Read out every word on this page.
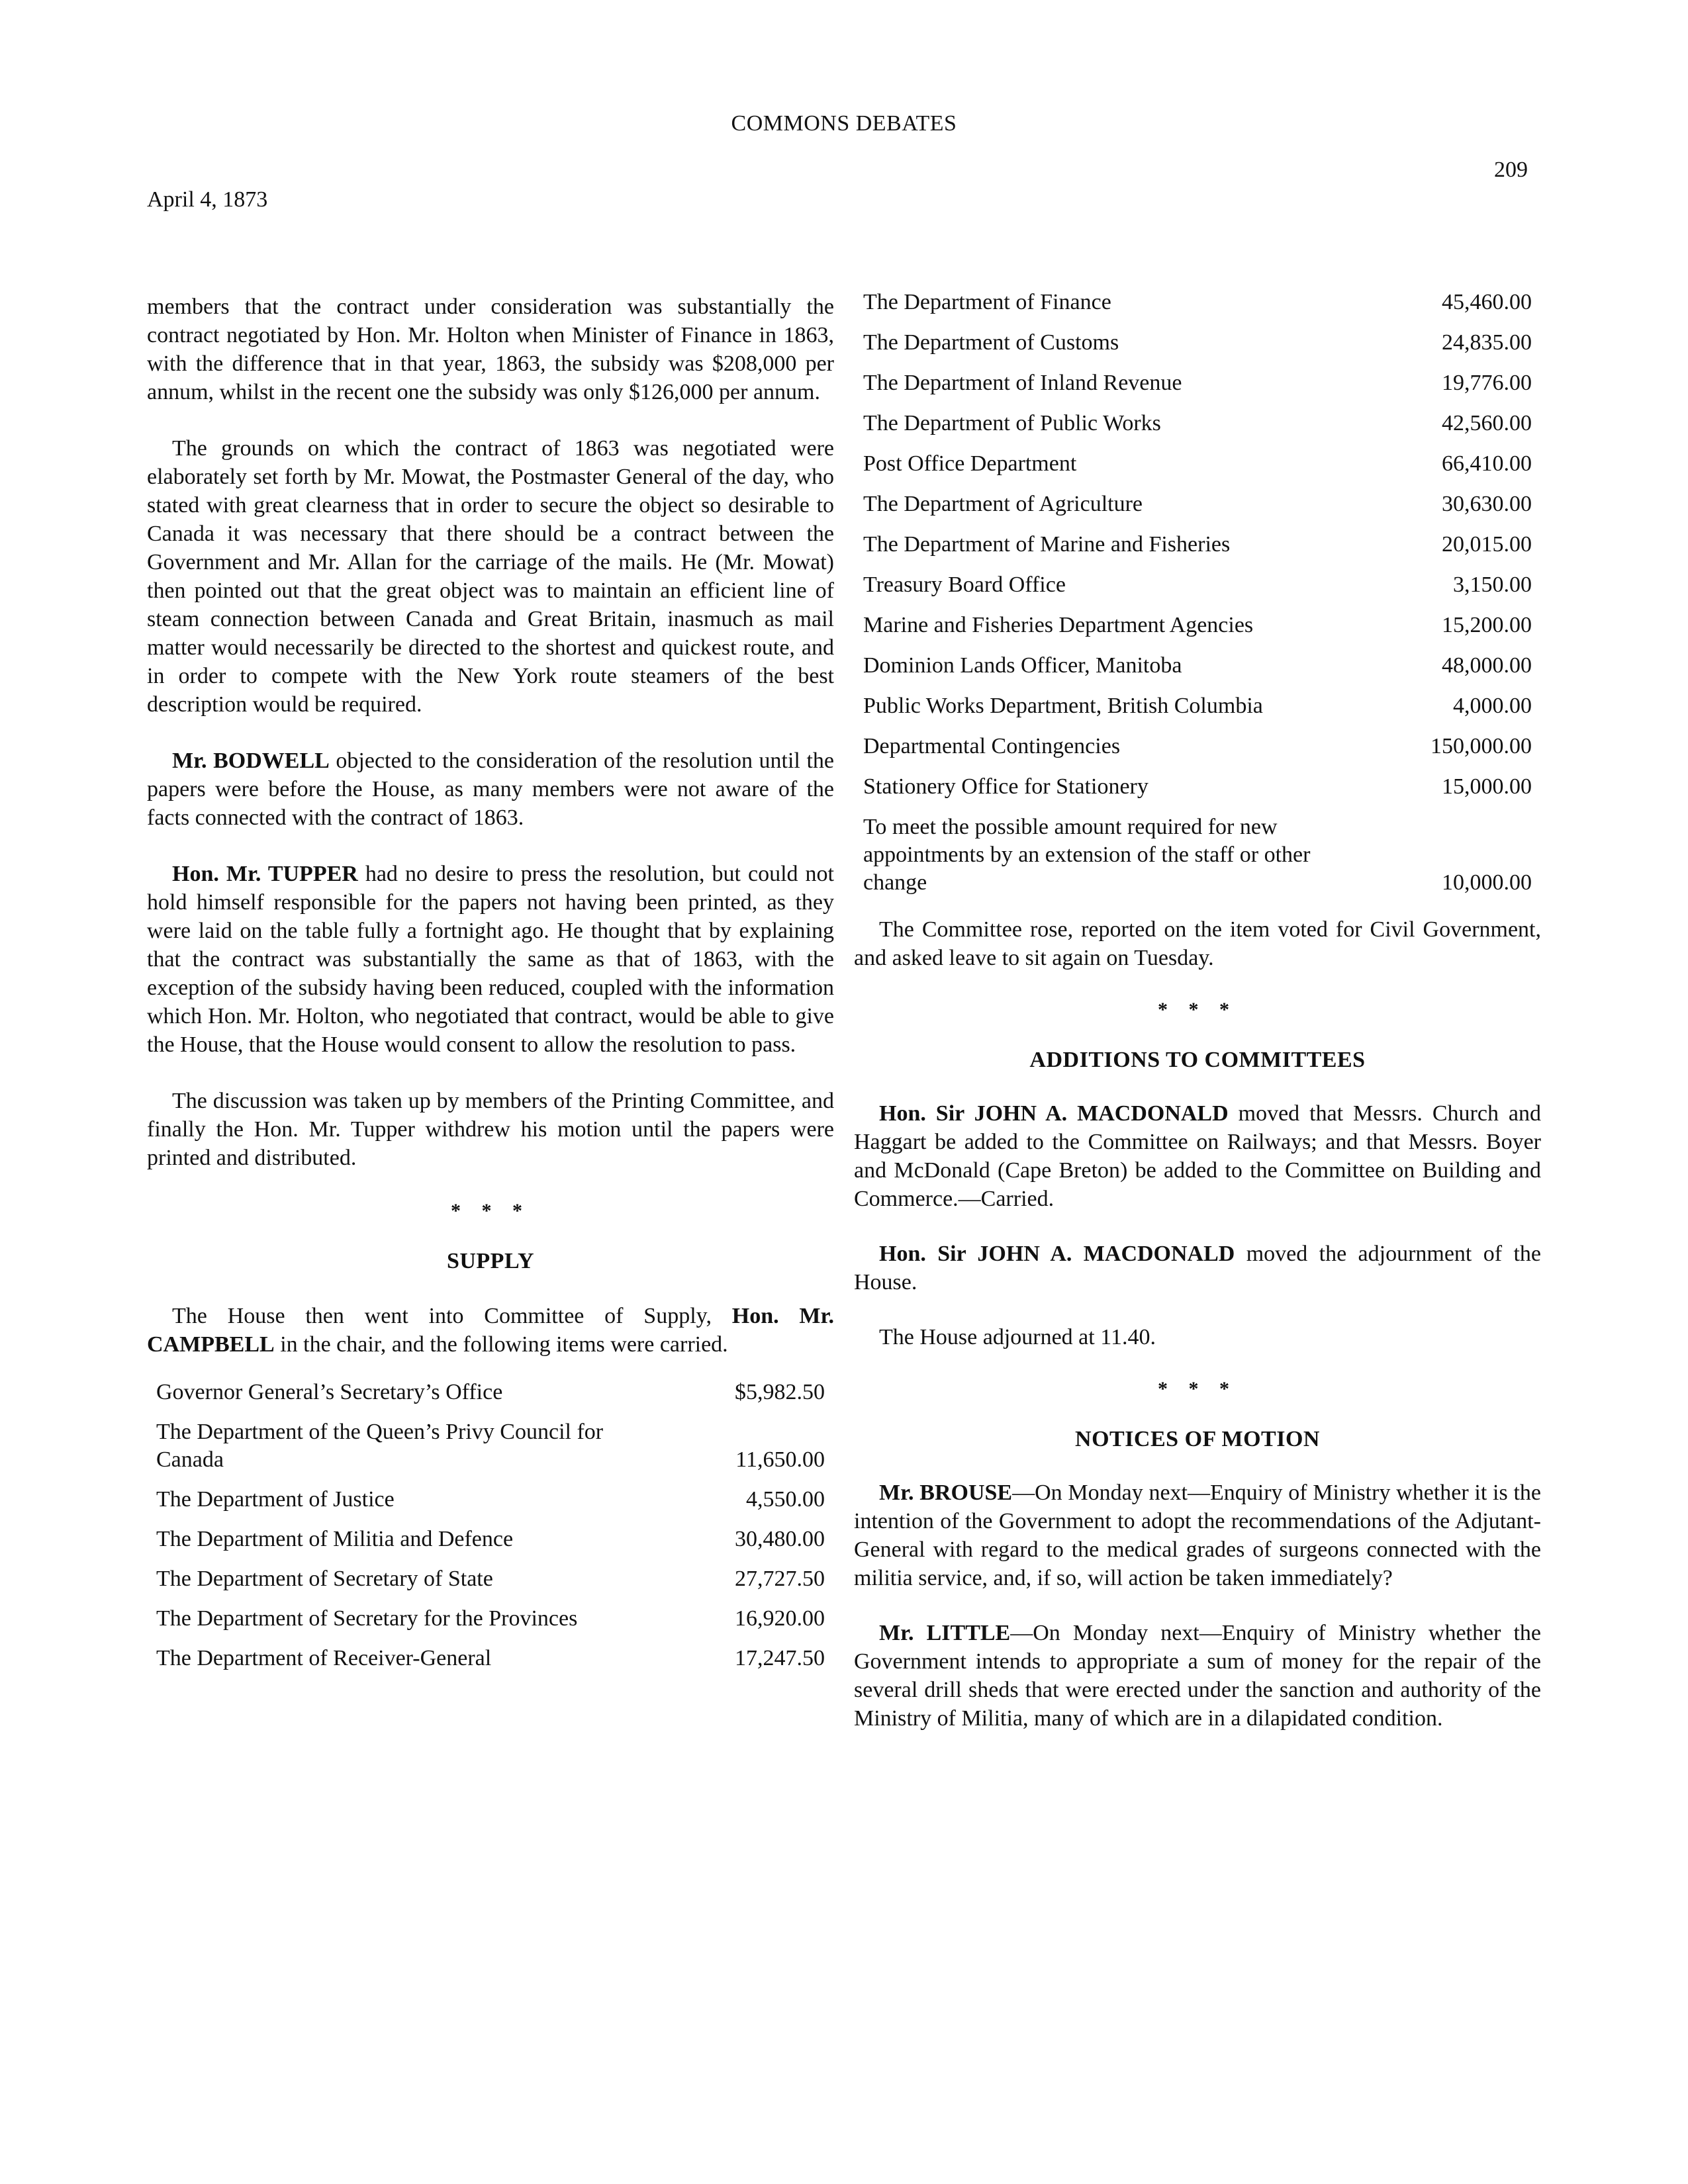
COMMONS DEBATES
209
April 4, 1873

members that the contract under consideration was substantially the contract negotiated by Hon. Mr. Holton when Minister of Finance in 1863, with the difference that in that year, 1863, the subsidy was $208,000 per annum, whilst in the recent one the subsidy was only $126,000 per annum.

The grounds on which the contract of 1863 was negotiated were elaborately set forth by Mr. Mowat, the Postmaster General of the day, who stated with great clearness that in order to secure the object so desirable to Canada it was necessary that there should be a contract between the Government and Mr. Allan for the carriage of the mails. He (Mr. Mowat) then pointed out that the great object was to maintain an efficient line of steam connection between Canada and Great Britain, inasmuch as mail matter would necessarily be directed to the shortest and quickest route, and in order to compete with the New York route steamers of the best description would be required.

Mr. BODWELL objected to the consideration of the resolution until the papers were before the House, as many members were not aware of the facts connected with the contract of 1863.

Hon. Mr. TUPPER had no desire to press the resolution, but could not hold himself responsible for the papers not having been printed, as they were laid on the table fully a fortnight ago. He thought that by explaining that the contract was substantially the same as that of 1863, with the exception of the subsidy having been reduced, coupled with the information which Hon. Mr. Holton, who negotiated that contract, would be able to give the House, that the House would consent to allow the resolution to pass.

The discussion was taken up by members of the Printing Committee, and finally the Hon. Mr. Tupper withdrew his motion until the papers were printed and distributed.

* * *
SUPPLY

The House then went into Committee of Supply, Hon. Mr. CAMPBELL in the chair, and the following items were carried.

Governor General’s Secretary’s Office	$5,982.50
The Department of the Queen’s Privy Council for Canada	11,650.00
The Department of Justice	4,550.00
The Department of Militia and Defence	30,480.00
The Department of Secretary of State	27,727.50
The Department of Secretary for the Provinces	16,920.00
The Department of Receiver-General	17,247.50
The Department of Finance	45,460.00
The Department of Customs	24,835.00
The Department of Inland Revenue	19,776.00
The Department of Public Works	42,560.00
Post Office Department	66,410.00
The Department of Agriculture	30,630.00
The Department of Marine and Fisheries	20,015.00
Treasury Board Office	3,150.00
Marine and Fisheries Department Agencies	15,200.00
Dominion Lands Officer, Manitoba	48,000.00
Public Works Department, British Columbia	4,000.00
Departmental Contingencies	150,000.00
Stationery Office for Stationery	15,000.00
To meet the possible amount required for new appointments by an extension of the staff or other change	10,000.00

The Committee rose, reported on the item voted for Civil Government, and asked leave to sit again on Tuesday.

* * *
ADDITIONS TO COMMITTEES

Hon. Sir JOHN A. MACDONALD moved that Messrs. Church and Haggart be added to the Committee on Railways; and that Messrs. Boyer and McDonald (Cape Breton) be added to the Committee on Building and Commerce.—Carried.

Hon. Sir JOHN A. MACDONALD moved the adjournment of the House.

The House adjourned at 11.40.

* * *
NOTICES OF MOTION

Mr. BROUSE—On Monday next—Enquiry of Ministry whether it is the intention of the Government to adopt the recommendations of the Adjutant-General with regard to the medical grades of surgeons connected with the militia service, and, if so, will action be taken immediately?

Mr. LITTLE—On Monday next—Enquiry of Ministry whether the Government intends to appropriate a sum of money for the repair of the several drill sheds that were erected under the sanction and authority of the Ministry of Militia, many of which are in a dilapidated condition.
